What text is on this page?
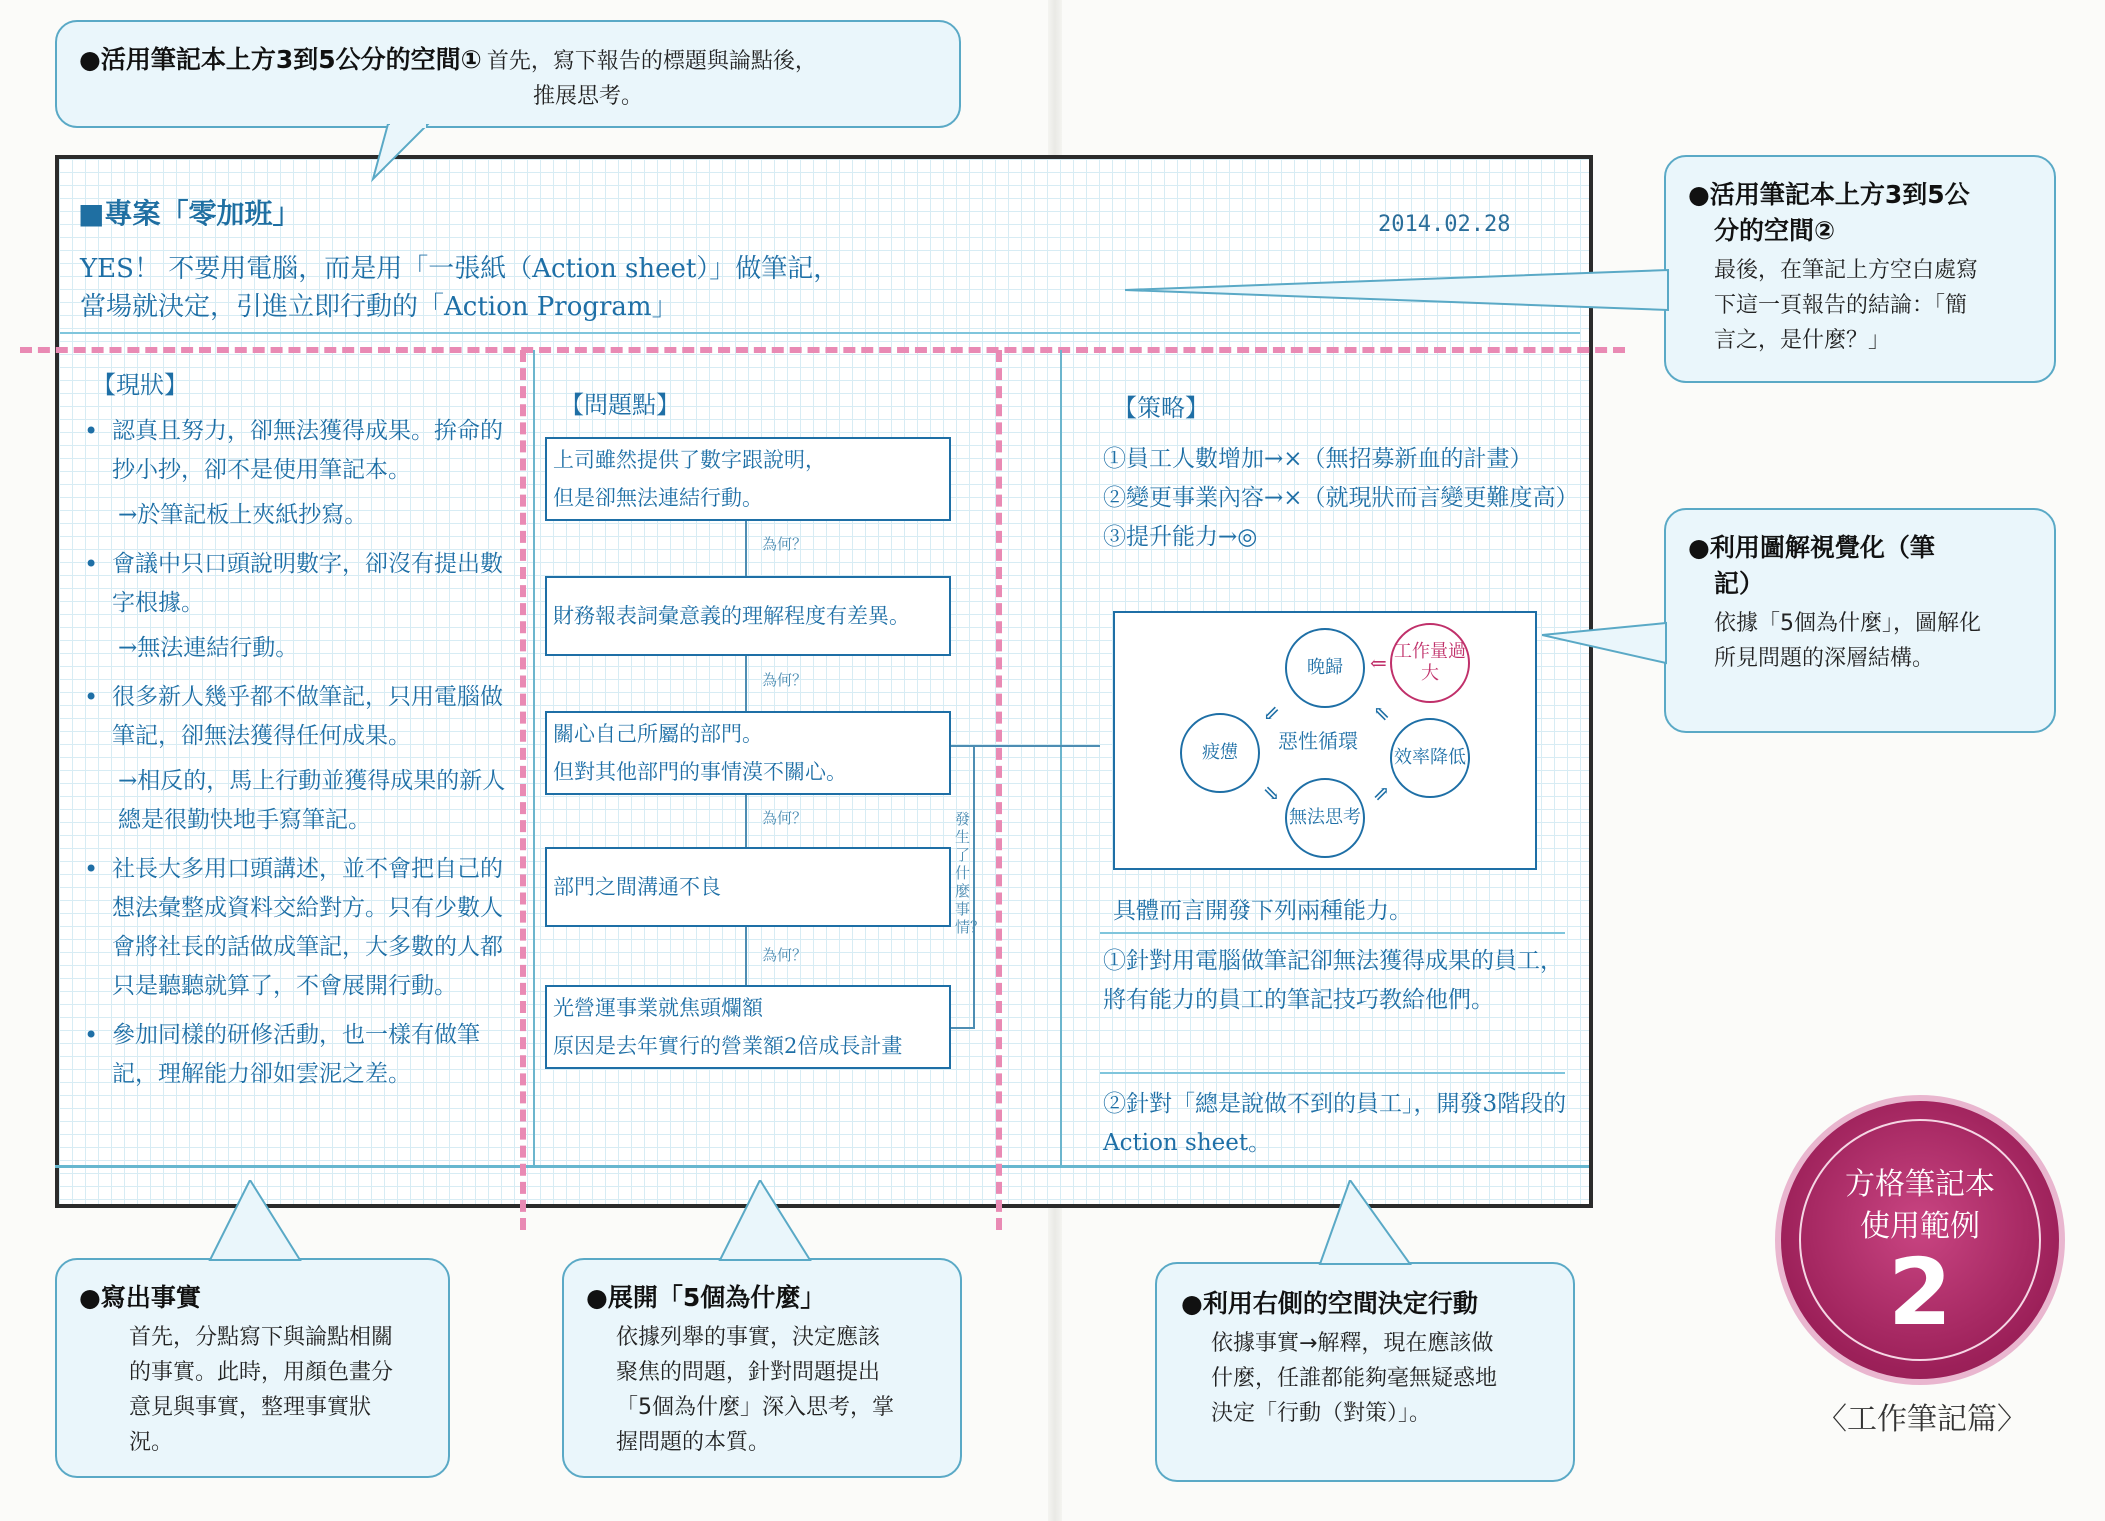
■專案「零加班」	2014.02.28
YES！ 不要用電腦，而是用「一張紙（Action sheet）」做筆記，
當場就決定，引進立即行動的「Action Program」
【現狀】
• 認真且努力，卻無法獲得成果。拚命的抄小抄，卻不是使用筆記本。
→於筆記板上夾紙抄寫。
• 會議中只口頭說明數字，卻沒有提出數字根據。
→無法連結行動。
• 很多新人幾乎都不做筆記，只用電腦做筆記，卻無法獲得任何成果。
→相反的，馬上行動並獲得成果的新人總是很勤快地手寫筆記。
• 社長大多用口頭講述，並不會把自己的想法彙整成資料交給對方。只有少數人會將社長的話做成筆記，大多數的人都只是聽聽就算了，不會展開行動。
• 參加同樣的研修活動，也一樣有做筆記，理解能力卻如雲泥之差。
【問題點】
上司雖然提供了數字跟說明，
但是卻無法連結行動。
為何？
財務報表詞彙意義的理解程度有差異。
為何？
關心自己所屬的部門。
但對其他部門的事情漠不關心。
為何？
部門之間溝通不良
為何？
光營運事業就焦頭爛額
原因是去年實行的營業額2倍成長計畫
發生了什麼事情？
【策略】
①員工人數增加→×（無招募新血的計畫）
②變更事業內容→×（就現狀而言變更難度高）
③提升能力→◎
晚歸
工作量過大
效率降低
無法思考
疲憊	惡性循環
⇐
⇖
⇗
⇘
⇙
具體而言開發下列兩種能力。
①針對用電腦做筆記卻無法獲得成果的員工，將有能力的員工的筆記技巧教給他們。
②針對「總是說做不到的員工」，開發3階段的Action sheet。
●活用筆記本上方3到5公分的空間① 首先，寫下報告的標題與論點後，
推展思考。
●活用筆記本上方3到5公
分的空間②
最後，在筆記上方空白處寫
下這一頁報告的結論：「簡
言之，是什麼？」
●利用圖解視覺化（筆
記）
依據「5個為什麼」，圖解化
所見問題的深層結構。
●寫出事實
首先，分點寫下與論點相關
的事實。此時，用顏色畫分
意見與事實，整理事實狀
況。
●展開「5個為什麼」
依據列舉的事實，決定應該
聚焦的問題，針對問題提出
「5個為什麼」深入思考，掌
握問題的本質。
●利用右側的空間決定行動
依據事實→解釋，現在應該做
什麼，任誰都能夠毫無疑惑地
決定「行動（對策）」。
方格筆記本
使用範例
2
〈工作筆記篇〉
